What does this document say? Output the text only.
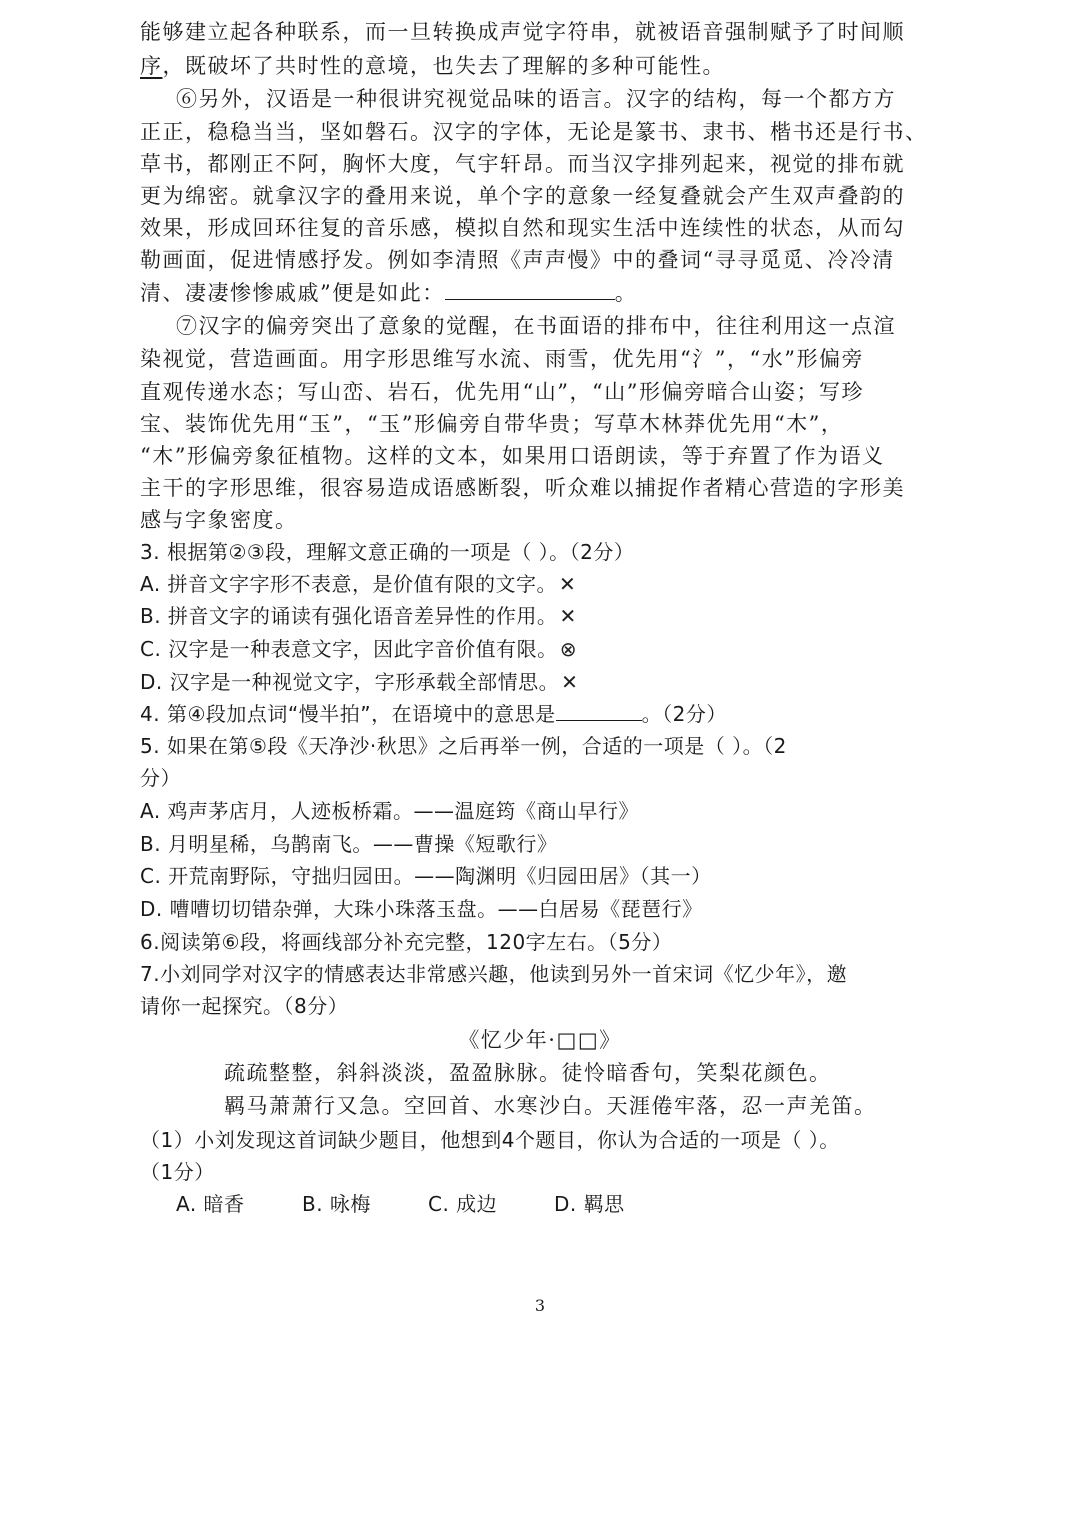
能够建立起各种联系，而一旦转换成声觉字符串，就被语音强制赋予了时间顺
序，既破坏了共时性的意境，也失去了理解的多种可能性。
⑥另外，汉语是一种很讲究视觉品味的语言。汉字的结构，每一个都方方
正正，稳稳当当，坚如磐石。汉字的字体，无论是篆书、隶书、楷书还是行书、
草书，都刚正不阿，胸怀大度，气宇轩昂。而当汉字排列起来，视觉的排布就
更为绵密。就拿汉字的叠用来说，单个字的意象一经复叠就会产生双声叠韵的
效果，形成回环往复的音乐感，模拟自然和现实生活中连续性的状态，从而勾
勒画面，促进情感抒发。例如李清照《声声慢》中的叠词“寻寻觅觅、冷冷清
清、凄凄惨惨戚戚”便是如此：	。
⑦汉字的偏旁突出了意象的觉醒，在书面语的排布中，往往利用这一点渲
染视觉，营造画面。用字形思维写水流、雨雪，优先用“氵”，“水”形偏旁
直观传递水态；写山峦、岩石，优先用“山”，“山”形偏旁暗合山姿；写珍
宝、装饰优先用“玉”，“玉”形偏旁自带华贵；写草木林莽优先用“木”，
“木”形偏旁象征植物。这样的文本，如果用口语朗读，等于弃置了作为语义
主干的字形思维，很容易造成语感断裂，听众难以捕捉作者精心营造的字形美
感与字象密度。
3. 根据第②③段，理解文意正确的一项是（ ）。（2分）
A. 拼音文字字形不表意，是价值有限的文字。 ✕
B. 拼音文字的诵读有强化语音差异性的作用。 ✕
C. 汉字是一种表意文字，因此字音价值有限。 ⊗
D. 汉字是一种视觉文字，字形承载全部情思。 ✕
4. 第④段加点词“慢半拍”，在语境中的意思是	。（2分）
5. 如果在第⑤段《天净沙·秋思》之后再举一例，合适的一项是（ ）。（2
分）
A. 鸡声茅店月，人迹板桥霜。——温庭筠《商山早行》
B. 月明星稀，乌鹊南飞。——曹操《短歌行》
C. 开荒南野际，守拙归园田。——陶渊明《归园田居》（其一）
D. 嘈嘈切切错杂弹，大珠小珠落玉盘。——白居易《琵琶行》
6.阅读第⑥段，将画线部分补充完整，120字左右。（5分）
7.小刘同学对汉字的情感表达非常感兴趣，他读到另外一首宋词《忆少年》，邀
请你一起探究。（8分）
《忆少年·□□》
疏疏整整，斜斜淡淡，盈盈脉脉。徒怜暗香句，笑梨花颜色。
羁马萧萧行又急。空回首、水寒沙白。天涯倦牢落，忍一声羌笛。
（1）小刘发现这首词缺少题目，他想到4个题目，你认为合适的一项是（ ）。
（1分）
A. 暗香	B. 咏梅	C. 成边	D. 羁思
3
